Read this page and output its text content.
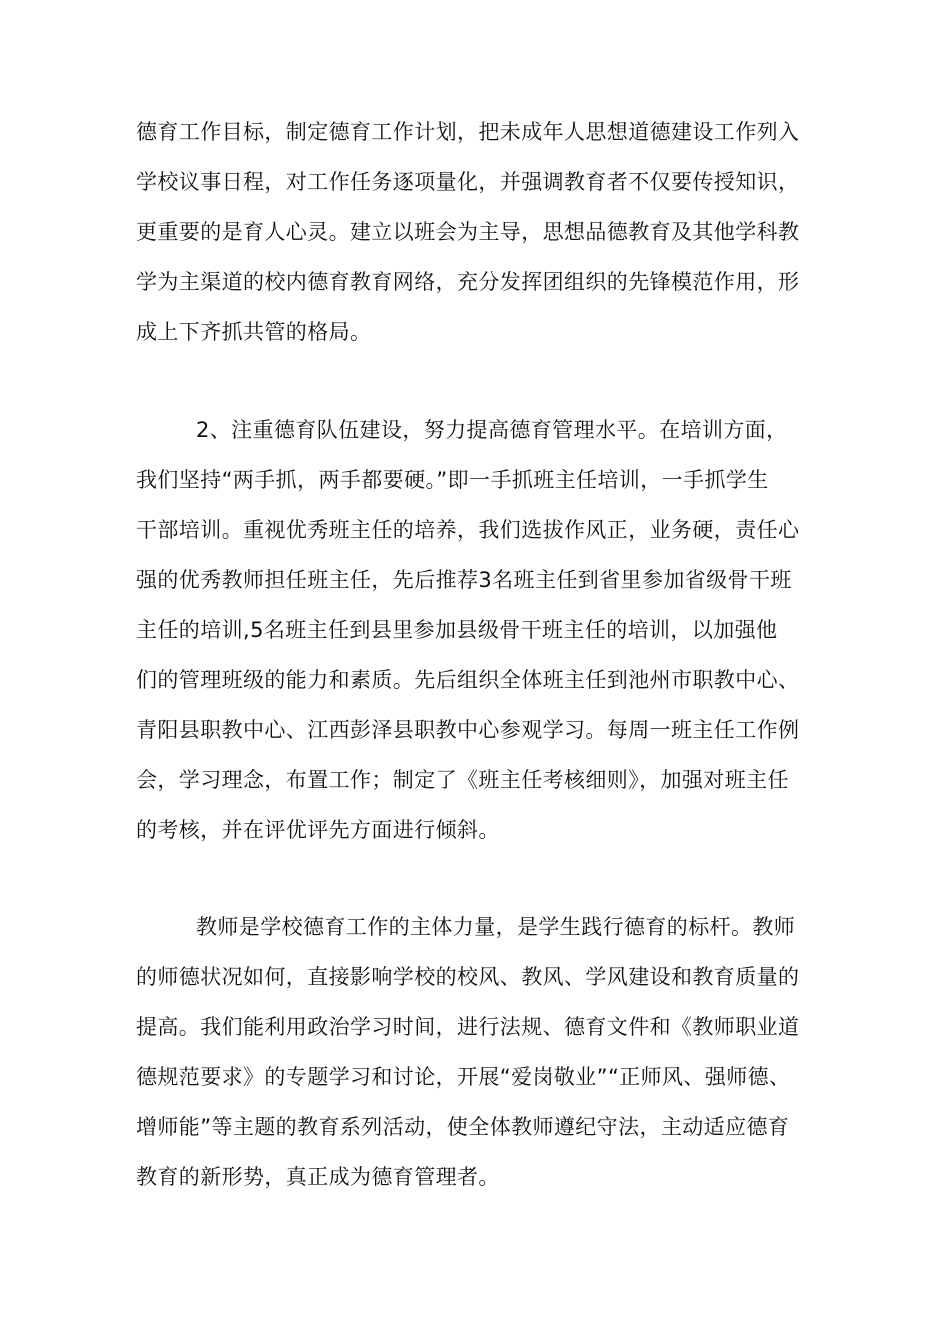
德育工作目标，制定德育工作计划，把未成年人思想道德建设工作列入
学校议事日程，对工作任务逐项量化，并强调教育者不仅要传授知识，
更重要的是育人心灵。建立以班会为主导，思想品德教育及其他学科教
学为主渠道的校内德育教育网络，充分发挥团组织的先锋模范作用，形
成上下齐抓共管的格局。
2、注重德育队伍建设，努力提高德育管理水平。在培训方面，
我们坚持“两手抓，两手都要硬。”即一手抓班主任培训，一手抓学生
干部培训。重视优秀班主任的培养，我们选拔作风正，业务硬，责任心
强的优秀教师担任班主任，先后推荐3名班主任到省里参加省级骨干班
主任的培训,5名班主任到县里参加县级骨干班主任的培训，以加强他
们的管理班级的能力和素质。先后组织全体班主任到池州市职教中心、
青阳县职教中心、江西彭泽县职教中心参观学习。每周一班主任工作例
会，学习理念，布置工作；制定了《班主任考核细则》，加强对班主任
的考核，并在评优评先方面进行倾斜。
教师是学校德育工作的主体力量，是学生践行德育的标杆。教师
的师德状况如何，直接影响学校的校风、教风、学风建设和教育质量的
提高。我们能利用政治学习时间，进行法规、德育文件和《教师职业道
德规范要求》的专题学习和讨论，开展“爱岗敬业”“正师风、强师德、
增师能”等主题的教育系列活动，使全体教师遵纪守法，主动适应德育
教育的新形势，真正成为德育管理者。
